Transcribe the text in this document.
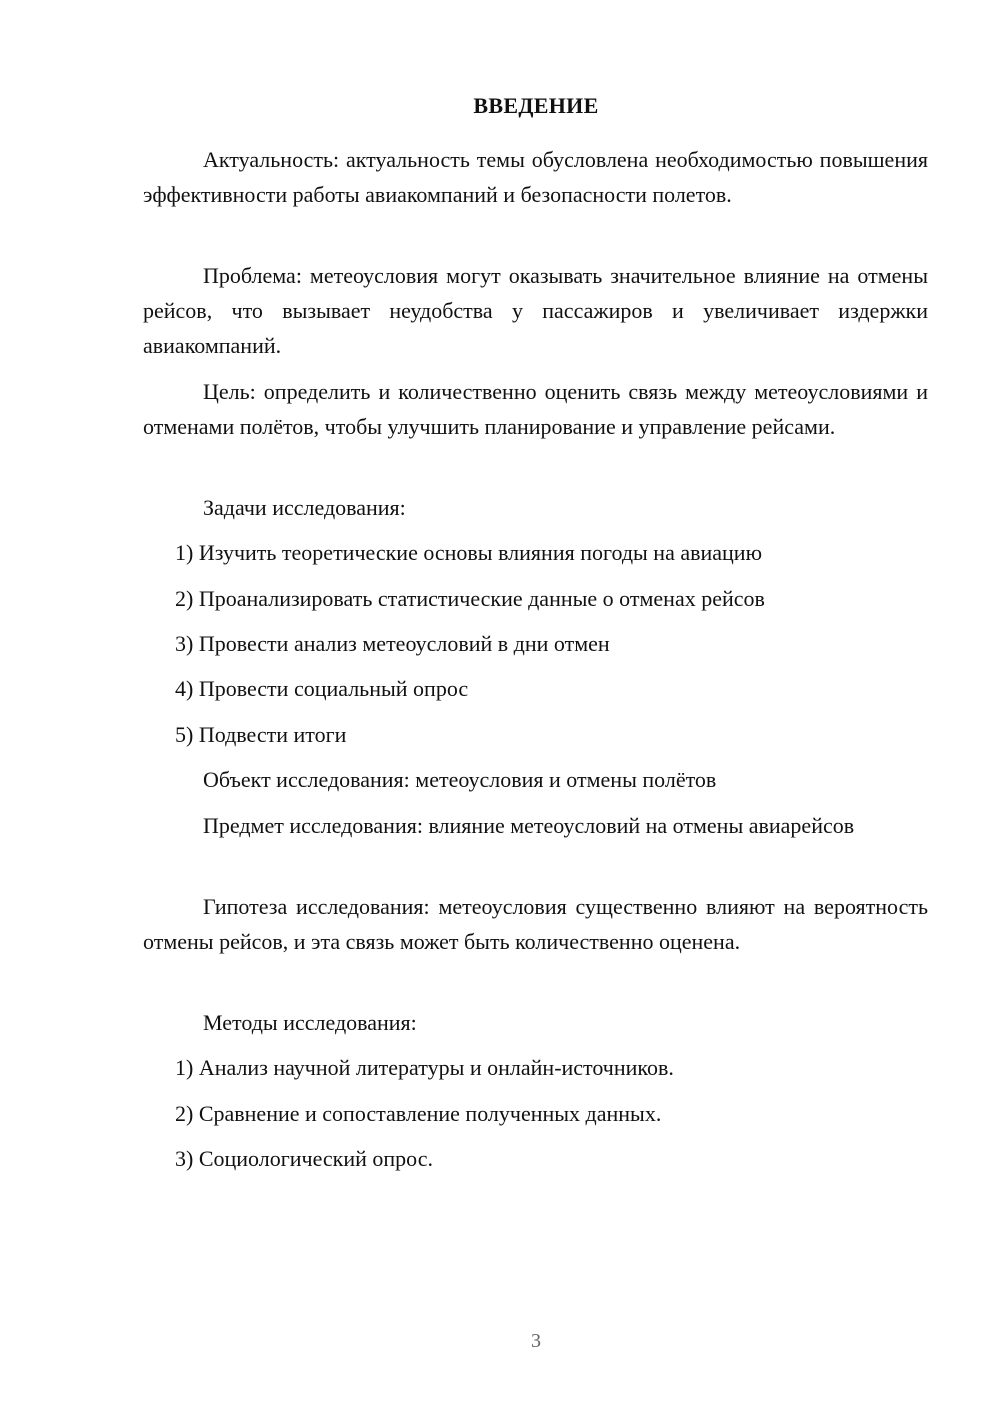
ВВЕДЕНИЕ

Актуальность: актуальность темы обусловлена необходимостью повышения эффективности работы авиакомпаний и безопасности полетов.

Проблема: метеоусловия могут оказывать значительное влияние на отмены рейсов, что вызывает неудобства у пассажиров и увеличивает издержки авиакомпаний.

Цель: определить и количественно оценить связь между метеоусловиями и отменами полётов, чтобы улучшить планирование и управление рейсами.

Задачи исследования:

1) Изучить теоретические основы влияния погоды на авиацию

2) Проанализировать статистические данные о отменах рейсов

3) Провести анализ метеоусловий в дни отмен

4) Провести социальный опрос

5) Подвести итоги

Объект исследования: метеоусловия и отмены полётов

Предмет исследования: влияние метеоусловий на отмены авиарейсов

Гипотеза исследования: метеоусловия существенно влияют на вероятность отмены рейсов, и эта связь может быть количественно оценена.

Методы исследования:

1) Анализ научной литературы и онлайн-источников.

2) Сравнение и сопоставление полученных данных.

3) Социологический опрос.

3
